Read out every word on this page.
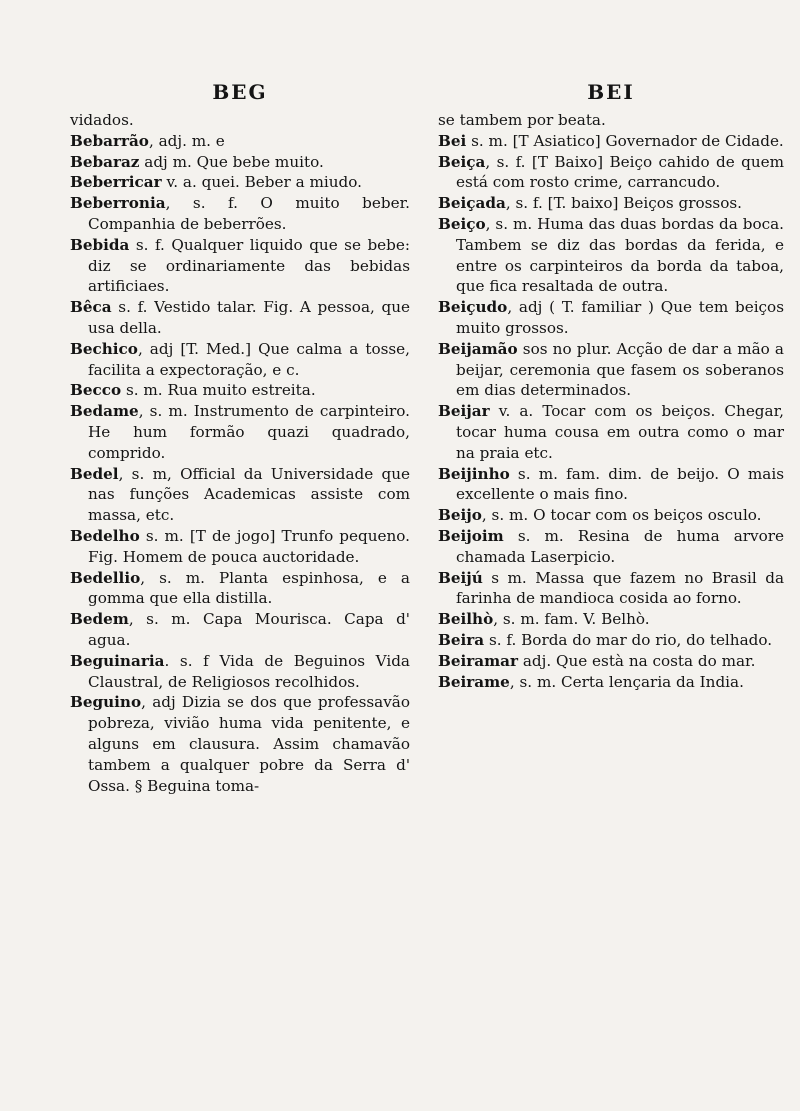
BEG

vidados.

Bebarrão, adj. m. e

Bebaraz adj m. Que bebe muito.

Beberricar v. a. quei. Beber a miudo.

Beberronia, s. f. O muito beber. Companhia de beberrões.

Bebida s. f. Qualquer liquido que se bebe: diz se ordinariamente das bebidas artificiaes.

Bêca s. f. Vestido talar. Fig. A pessoa, que usa della.

Bechico, adj [T. Med.] Que calma a tosse, facilita a expectoração, e c.

Becco s. m. Rua muito estreita.

Bedame, s. m. Instrumento de carpinteiro. He hum formão quazi quadrado, comprido.

Bedel, s. m, Official da Universidade que nas funções Academicas assiste com massa, etc.

Bedelho s. m. [T de jogo] Trunfo pequeno. Fig. Homem de pouca auctoridade.

Bedellio, s. m. Planta espinhosa, e a gomma que ella distilla.

Bedem, s. m. Capa Mourisca. Capa d' agua.

Beguinaria. s. f Vida de Beguinos Vida Claustral, de Religiosos recolhidos.

Beguino, adj Dizia se dos que professavão pobreza, vivião huma vida penitente, e alguns em clausura. Assim chamavão tambem a qualquer pobre da Serra d' Ossa. § Beguina toma-

BEI

se tambem por beata.

Bei s. m. [T Asiatico] Governador de Cidade.

Beiça, s. f. [T Baixo] Beiço cahido de quem está com rosto crime, carrancudo.

Beiçada, s. f. [T. baixo] Beiços grossos.

Beiço, s. m. Huma das duas bordas da boca. Tambem se diz das bordas da ferida, e entre os carpinteiros da borda da taboa, que fica resaltada de outra.

Beiçudo, adj ( T. familiar ) Que tem beiços muito grossos.

Beijamão sos no plur. Acção de dar a mão a beijar, ceremonia que fasem os soberanos em dias determinados.

Beijar v. a. Tocar com os beiços. Chegar, tocar huma cousa em outra como o mar na praia etc.

Beijinho s. m. fam. dim. de beijo. O mais excellente o mais fino.

Beijo, s. m. O tocar com os beiços osculo.

Beijoim s. m. Resina de huma arvore chamada Laserpicio.

Beijú s m. Massa que fazem no Brasil da farinha de mandioca cosida ao forno.

Beilhò, s. m. fam. V. Belhò.

Beira s. f. Borda do mar do rio, do telhado.

Beiramar adj. Que està na costa do mar.

Beirame, s. m. Certa lençaria da India.
